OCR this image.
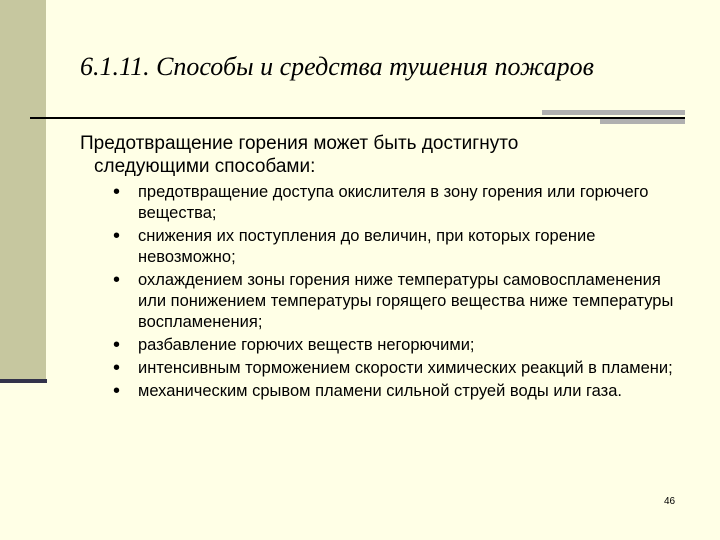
6.1.11. Способы и средства тушения пожаров
Предотвращение горения может быть достигнуто
следующими способами:
• предотвращение доступа окислителя в зону горения или горючего вещества;
• снижения их поступления до величин, при которых горение невозможно;
• охлаждением зоны горения ниже температуры самовоспламенения или понижением температуры горящего вещества ниже температуры воспламенения;
• разбавление горючих веществ негорючими;
• интенсивным торможением скорости химических реакций в пламени;
• механическим срывом пламени сильной струей воды или газа.
46
